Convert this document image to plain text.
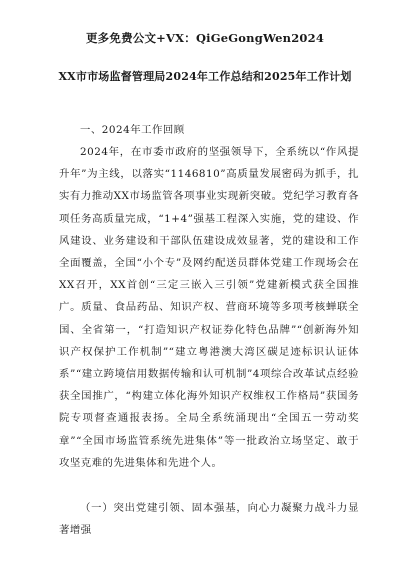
更多免费公文+VX：QiGeGongWen2024
XX市市场监督管理局2024年工作总结和2025年工作计划
一、2024年工作回顾
2024年，在市委市政府的坚强领导下，全系统以“作风提升年”为主线，以落实“1146810”高质量发展密码为抓手，扎实有力推动XX市场监管各项事业实现新突破。党纪学习教育各项任务高质量完成，“1+4”强基工程深入实施，党的建设、作风建设、业务建设和干部队伍建设成效显著，党的建设和工作全面覆盖，全国“小个专”及网约配送员群体党建工作现场会在XX召开，XX首创“三定三嵌入三引领”党建新模式获全国推广。质量、食品药品、知识产权、营商环境等多项考核蝉联全国、全省第一，“打造知识产权证券化特色品牌”“创新海外知识产权保护工作机制”“建立粤港澳大湾区碳足迹标识认证体系”“建立跨境信用数据传输和认可机制”4项综合改革试点经验获全国推广，“构建立体化海外知识产权维权工作格局”获国务院专项督查通报表扬。全局全系统涌现出“全国五一劳动奖章”“全国市场监管系统先进集体”等一批政治立场坚定、敢于攻坚克难的先进集体和先进个人。
（一）突出党建引领、固本强基，向心力凝聚力战斗力显著增强
